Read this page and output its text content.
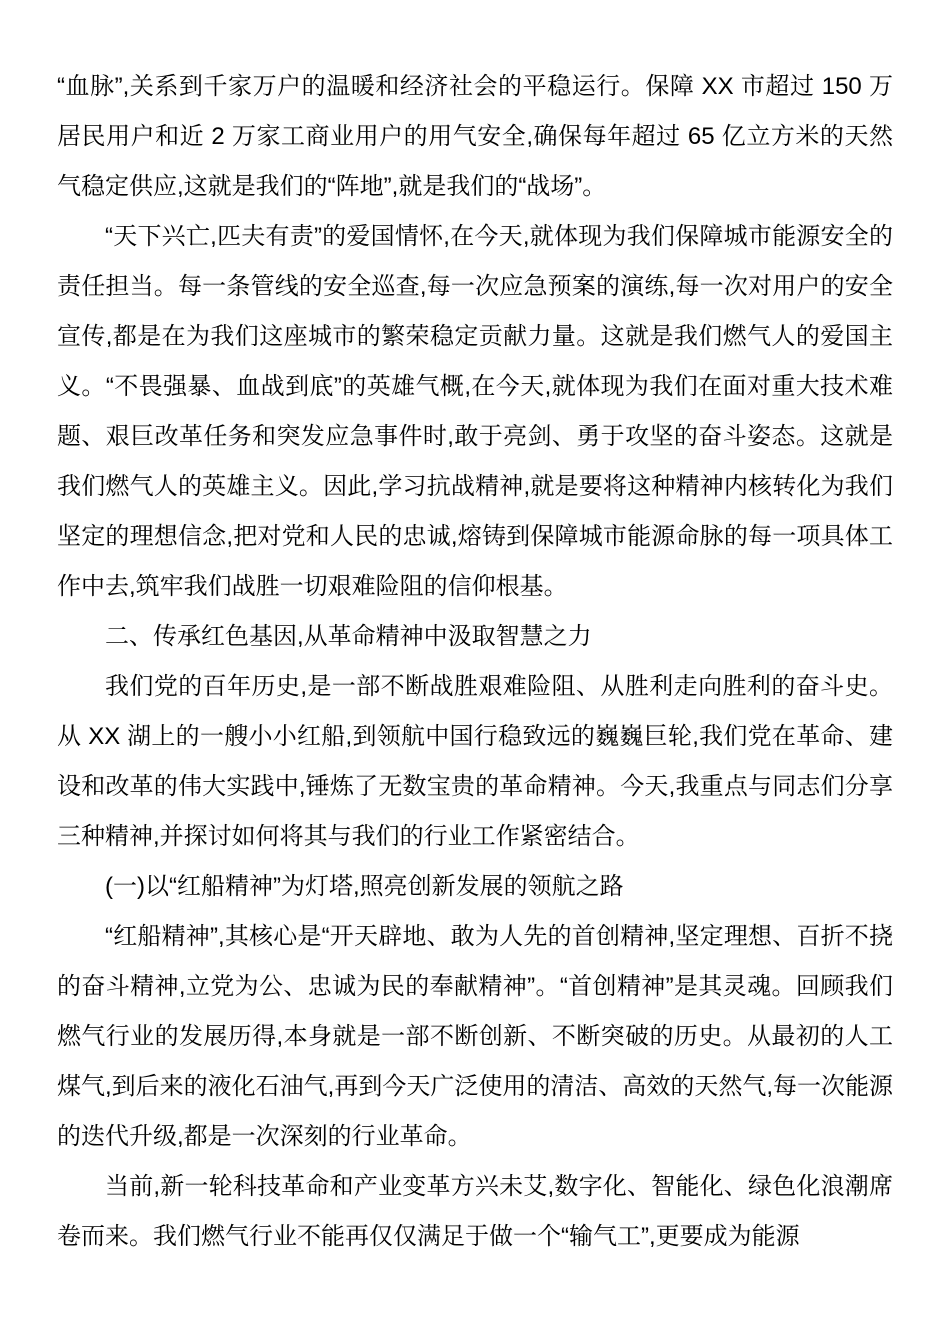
“血脉”,关系到千家万户的温暖和经济社会的平稳运行。保障 XX 市超过 150 万居民用户和近 2 万家工商业用户的用气安全,确保每年超过 65 亿立方米的天然气稳定供应,这就是我们的“阵地”,就是我们的“战场”。

“天下兴亡,匹夫有责”的爱国情怀,在今天,就体现为我们保障城市能源安全的责任担当。每一条管线的安全巡查,每一次应急预案的演练,每一次对用户的安全宣传,都是在为我们这座城市的繁荣稳定贡献力量。这就是我们燃气人的爱国主义。“不畏强暴、血战到底”的英雄气概,在今天,就体现为我们在面对重大技术难题、艰巨改革任务和突发应急事件时,敢于亮剑、勇于攻坚的奋斗姿态。这就是我们燃气人的英雄主义。因此,学习抗战精神,就是要将这种精神内核转化为我们坚定的理想信念,把对党和人民的忠诚,熔铸到保障城市能源命脉的每一项具体工作中去,筑牢我们战胜一切艰难险阻的信仰根基。

二、传承红色基因,从革命精神中汲取智慧之力

我们党的百年历史,是一部不断战胜艰难险阻、从胜利走向胜利的奋斗史。从 XX 湖上的一艘小小红船,到领航中国行稳致远的巍巍巨轮,我们党在革命、建设和改革的伟大实践中,锤炼了无数宝贵的革命精神。今天,我重点与同志们分享三种精神,并探讨如何将其与我们的行业工作紧密结合。

(一)以“红船精神”为灯塔,照亮创新发展的领航之路

“红船精神”,其核心是“开天辟地、敢为人先的首创精神,坚定理想、百折不挠的奋斗精神,立党为公、忠诚为民的奉献精神”。“首创精神”是其灵魂。回顾我们燃气行业的发展历得,本身就是一部不断创新、不断突破的历史。从最初的人工煤气,到后来的液化石油气,再到今天广泛使用的清洁、高效的天然气,每一次能源的迭代升级,都是一次深刻的行业革命。

当前,新一轮科技革命和产业变革方兴未艾,数字化、智能化、绿色化浪潮席卷而来。我们燃气行业不能再仅仅满足于做一个“输气工”,更要成为能源
